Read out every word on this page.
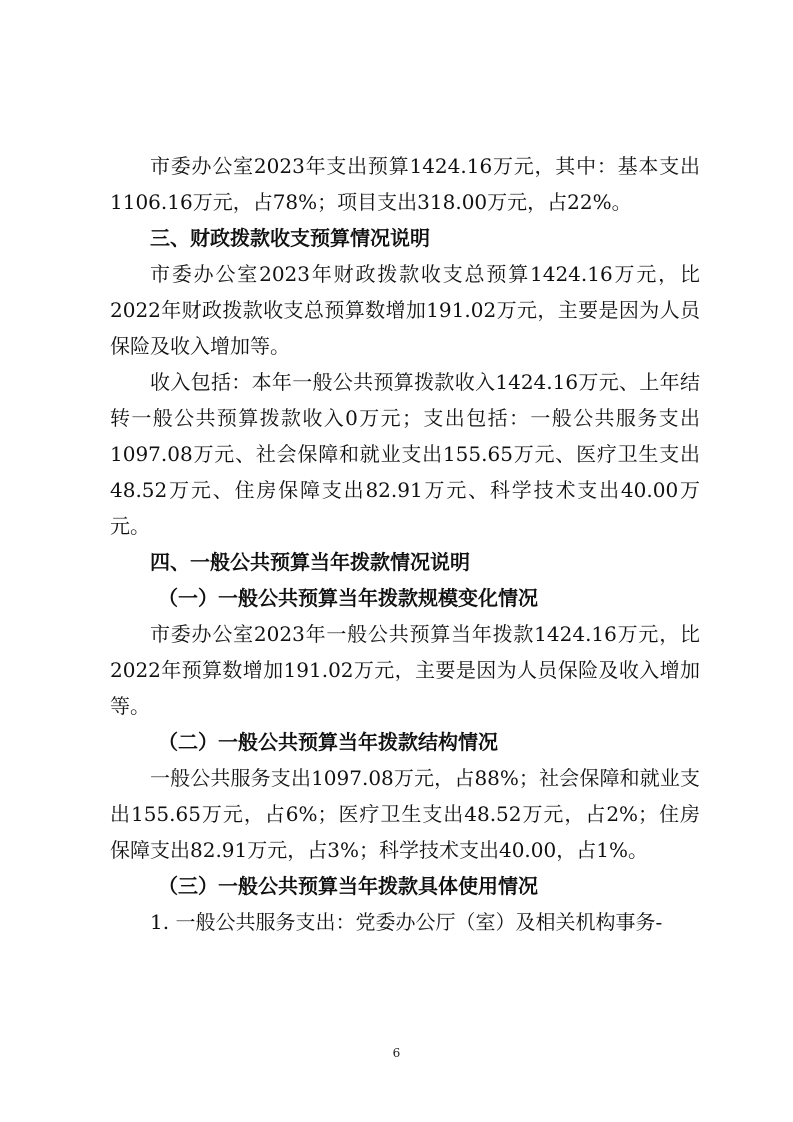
市委办公室2023年支出预算1424.16万元，其中：基本支出1106.16万元，占78%；项目支出318.00万元，占22%。

三、财政拨款收支预算情况说明

市委办公室2023年财政拨款收支总预算1424.16万元，比2022年财政拨款收支总预算数增加191.02万元，主要是因为人员保险及收入增加等。

收入包括：本年一般公共预算拨款收入1424.16万元、上年结转一般公共预算拨款收入0万元；支出包括：一般公共服务支出1097.08万元、社会保障和就业支出155.65万元、医疗卫生支出48.52万元、住房保障支出82.91万元、科学技术支出40.00万元。

四、一般公共预算当年拨款情况说明

（一）一般公共预算当年拨款规模变化情况

市委办公室2023年一般公共预算当年拨款1424.16万元，比2022年预算数增加191.02万元，主要是因为人员保险及收入增加等。

（二）一般公共预算当年拨款结构情况

一般公共服务支出1097.08万元，占88%；社会保障和就业支出155.65万元，占6%；医疗卫生支出48.52万元，占2%；住房保障支出82.91万元，占3%；科学技术支出40.00，占1%。

（三）一般公共预算当年拨款具体使用情况

1. 一般公共服务支出：党委办公厅（室）及相关机构事务-

6
